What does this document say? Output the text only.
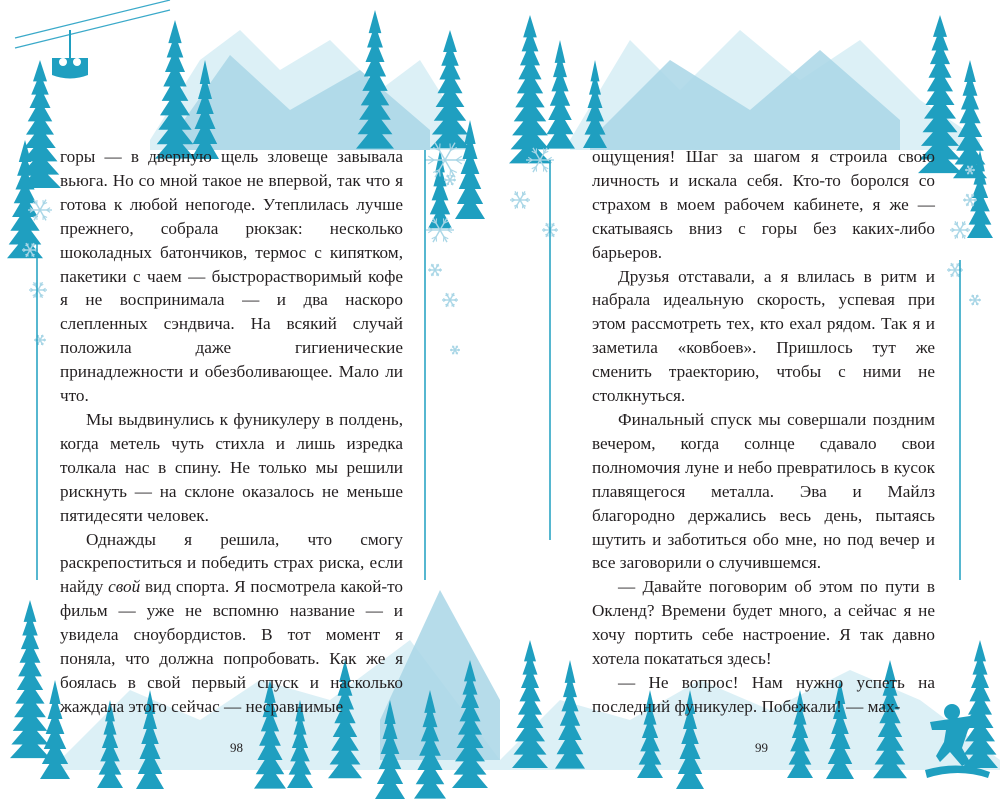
горы — в дверную щель зловеще завывала вьюга. Но со мной такое не впервой, так что я готова к любой непогоде. Утеплилась лучше прежнего, собрала рюкзак: несколько шоколадных батончиков, термос с кипятком, пакетики с чаем — быстрорастворимый кофе я не воспринимала — и два наскоро слепленных сэндвича. На всякий случай положила даже гигиенические принадлежности и обезболивающее. Мало ли что.

Мы выдвинулись к фуникулеру в полдень, когда метель чуть стихла и лишь изредка толкала нас в спину. Не только мы решили рискнуть — на склоне оказалось не меньше пятидесяти человек.

Однажды я решила, что смогу раскрепоститься и победить страх риска, если найду свой вид спорта. Я посмотрела какой-то фильм — уже не вспомню название — и увидела сноубордистов. В тот момент я поняла, что должна попробовать. Как же я боялась в свой первый спуск и насколько жаждала этого сейчас — несравнимые

98

ощущения! Шаг за шагом я строила свою личность и искала себя. Кто-то боролся со страхом в моем рабочем кабинете, я же — скатываясь вниз с горы без каких-либо барьеров.

Друзья отставали, а я влилась в ритм и набрала идеальную скорость, успевая при этом рассмотреть тех, кто ехал рядом. Так я и заметила «ковбоев». Пришлось тут же сменить траекторию, чтобы с ними не столкнуться.

Финальный спуск мы совершали поздним вечером, когда солнце сдавало свои полномочия луне и небо превратилось в кусок плавящегося металла. Эва и Майлз благородно держались весь день, пытаясь шутить и заботиться обо мне, но под вечер и все заговорили о случившемся.

— Давайте поговорим об этом по пути в Окленд? Времени будет много, а сейчас я не хочу портить себе настроение. Я так давно хотела покататься здесь!

— Не вопрос! Нам нужно успеть на последний фуникулер. Побежали! — мах-

99
